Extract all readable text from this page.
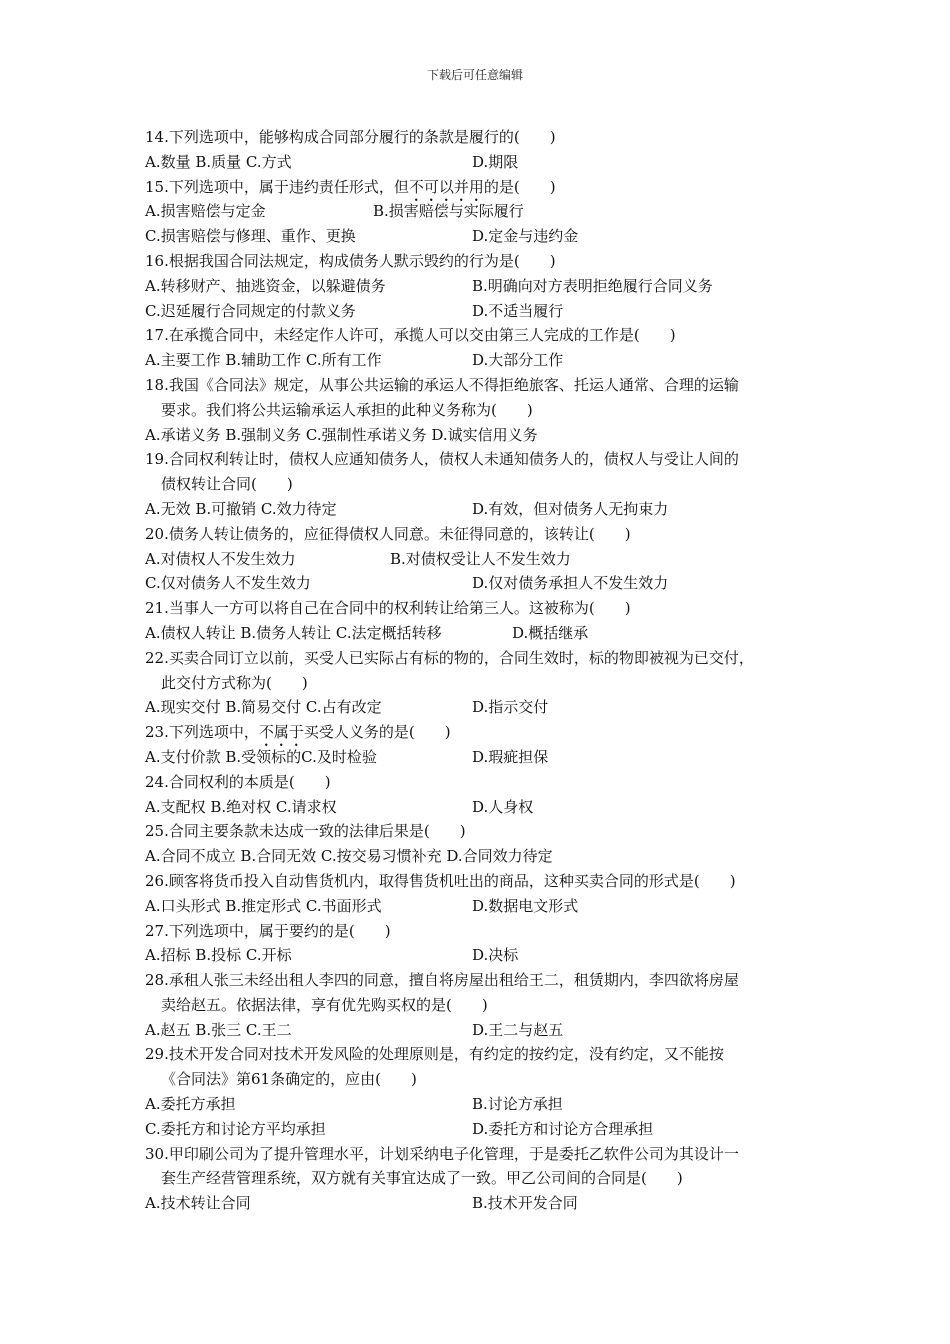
下载后可任意编辑
14.下列选项中，能够构成合同部分履行的条款是履行的(　　)
A.数量 B.质量 C.方式	D.期限
15.下列选项中，属于违约责任形式，但不可以并用的是(　　)
A.损害赔偿与定金	B.损害赔偿与实际履行
C.损害赔偿与修理、重作、更换	D.定金与违约金
16.根据我国合同法规定，构成债务人默示毁约的行为是(　　)
A.转移财产、抽逃资金，以躲避债务	B.明确向对方表明拒绝履行合同义务
C.迟延履行合同规定的付款义务	D.不适当履行
17.在承揽合同中，未经定作人许可，承揽人可以交由第三人完成的工作是(　　)
A.主要工作 B.辅助工作 C.所有工作	D.大部分工作
18.我国《合同法》规定，从事公共运输的承运人不得拒绝旅客、托运人通常、合理的运输
要求。我们将公共运输承运人承担的此种义务称为(　　)
A.承诺义务 B.强制义务 C.强制性承诺义务 D.诚实信用义务
19.合同权利转让时，债权人应通知债务人，债权人未通知债务人的，债权人与受让人间的
债权转让合同(　　)
A.无效 B.可撤销 C.效力待定	D.有效，但对债务人无拘束力
20.债务人转让债务的，应征得债权人同意。未征得同意的，该转让(　　)
A.对债权人不发生效力	B.对债权受让人不发生效力
C.仅对债务人不发生效力	D.仅对债务承担人不发生效力
21.当事人一方可以将自己在合同中的权利转让给第三人。这被称为(　　)
A.债权人转让 B.债务人转让 C.法定概括转移	D.概括继承
22.买卖合同订立以前，买受人已实际占有标的物的，合同生效时，标的物即被视为已交付，
此交付方式称为(　　)
A.现实交付 B.简易交付 C.占有改定	D.指示交付
23.下列选项中，不属于买受人义务的是(　　)
A.支付价款 B.受领标的C.及时检验	D.瑕疵担保
24.合同权利的本质是(　　)
A.支配权 B.绝对权 C.请求权	D.人身权
25.合同主要条款未达成一致的法律后果是(　　)
A.合同不成立 B.合同无效 C.按交易习惯补充 D.合同效力待定
26.顾客将货币投入自动售货机内，取得售货机吐出的商品，这种买卖合同的形式是(　　)
A.口头形式 B.推定形式 C.书面形式	D.数据电文形式
27.下列选项中，属于要约的是(　　)
A.招标 B.投标 C.开标	D.决标
28.承租人张三未经出租人李四的同意，擅自将房屋出租给王二，租赁期内，李四欲将房屋
卖给赵五。依据法律，享有优先购买权的是(　　)
A.赵五 B.张三 C.王二	D.王二与赵五
29.技术开发合同对技术开发风险的处理原则是，有约定的按约定，没有约定，又不能按
《合同法》第61条确定的，应由(　　)
A.委托方承担	B.讨论方承担
C.委托方和讨论方平均承担	D.委托方和讨论方合理承担
30.甲印刷公司为了提升管理水平，计划采纳电子化管理，于是委托乙软件公司为其设计一
套生产经营管理系统，双方就有关事宜达成了一致。甲乙公司间的合同是(　　)
A.技术转让合同	B.技术开发合同
